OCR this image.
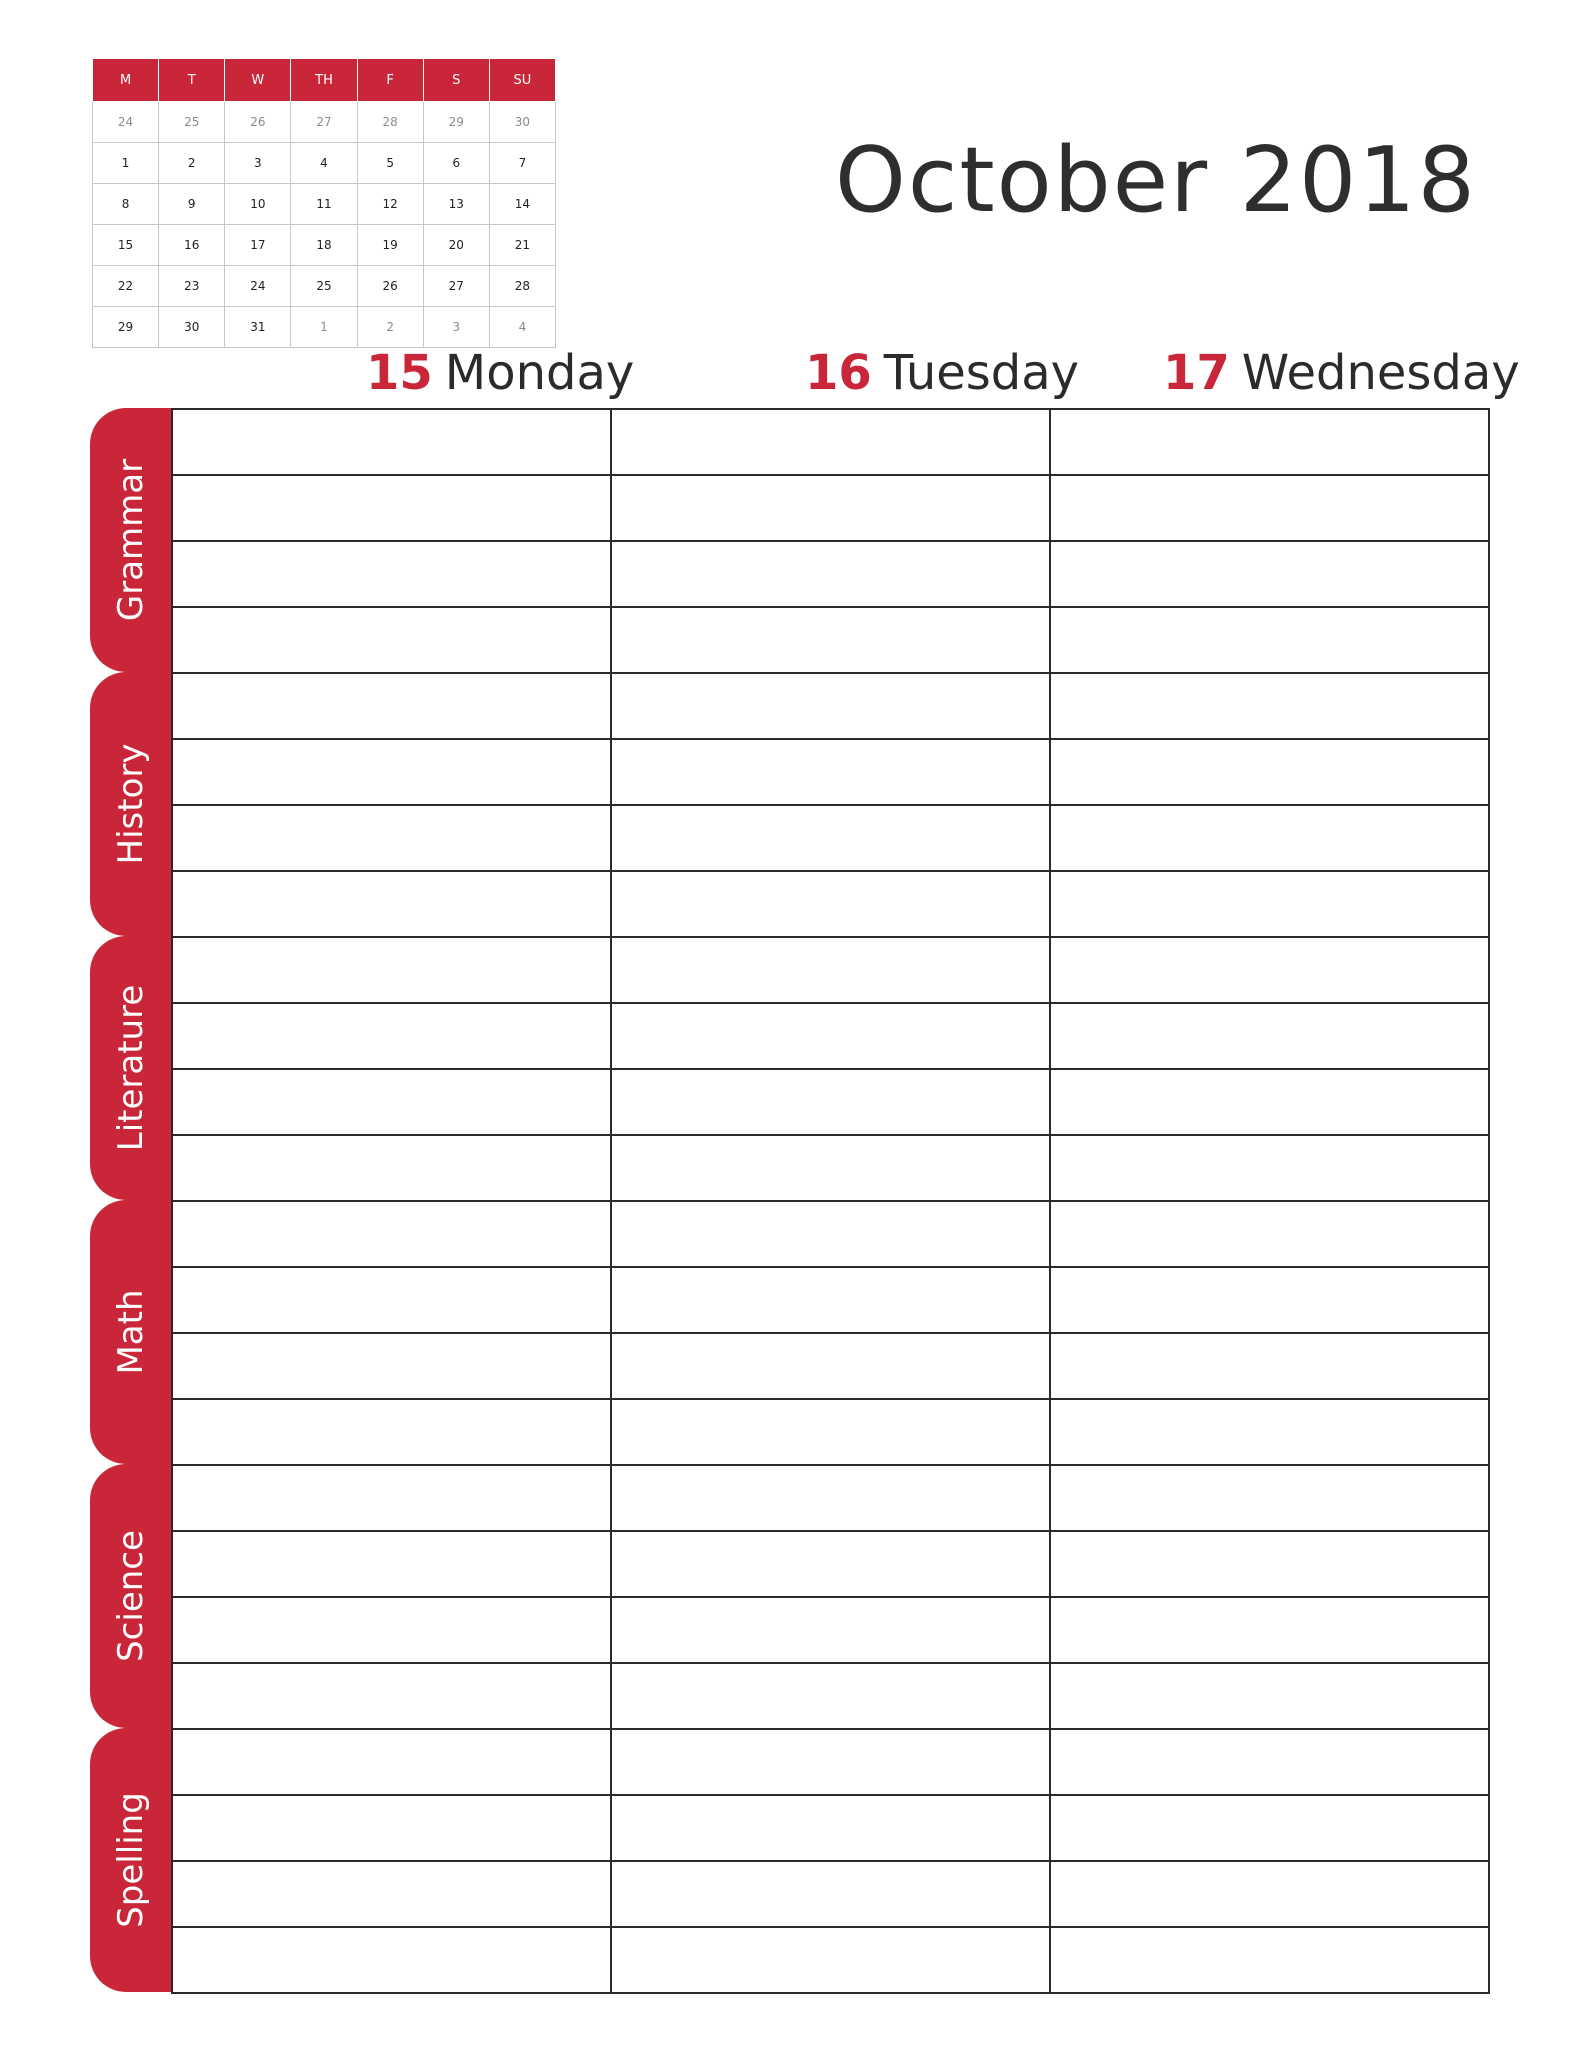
M	T	W	TH	F	S	SU
24	25	26	27	28	29	30
1	2	3	4	5	6	7
8	9	10	11	12	13	14
15	16	17	18	19	20	21
22	23	24	25	26	27	28
29	30	31	1	2	3	4
October 2018
15 Monday	16 Tuesday 17 Wednesday
Grammar
History
Literature
Math
Science
Spelling
